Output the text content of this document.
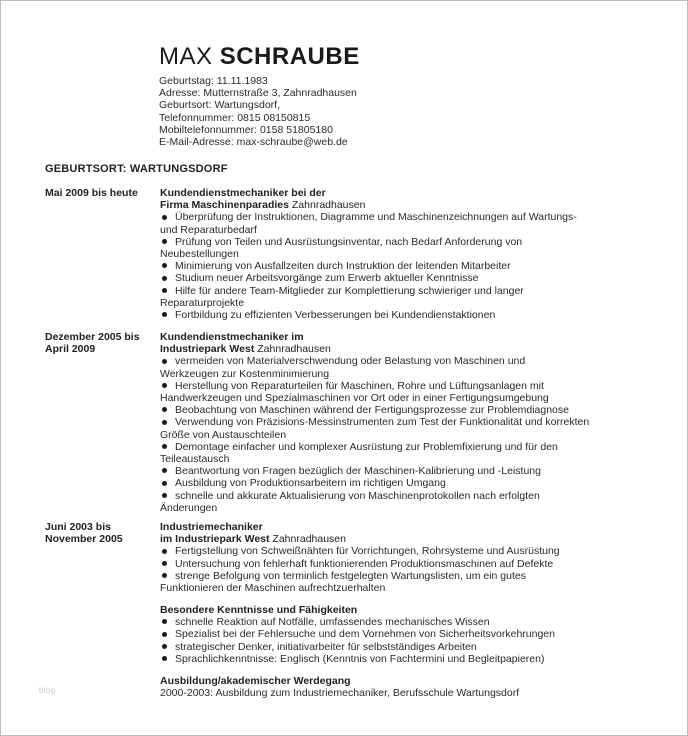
MAX SCHRAUBE
Geburtstag: 11.11.1983
Adresse: Mutternstraße 3, Zahnradhausen
Geburtsort: Wartungsdorf,
Telefonnummer: 0815 08150815
Mobiltelefonnummer: 0158 51805180
E-Mail-Adresse: max-schraube@web.de
GEBURTSORT: WARTUNGSDORF
Mai 2009 bis heute	Kundendienstmechaniker bei der
Firma Maschinenparadies Zahnradhausen
Überprüfung der Instruktionen, Diagramme und Maschinenzeichnungen auf Wartungs-
und Reparaturbedarf
Prüfung von Teilen und Ausrüstungsinventar, nach Bedarf Anforderung von
Neubestellungen
Minimierung von Ausfallzeiten durch Instruktion der leitenden Mitarbeiter
Studium neuer Arbeitsvorgänge zum Erwerb aktueller Kenntnisse
Hilfe für andere Team-Mitglieder zur Komplettierung schwieriger und langer
Reparaturprojekte
Fortbildung zu effizienten Verbesserungen bei Kundendienstaktionen
Dezember 2005 bis
April 2009
Kundendienstmechaniker im
Industriepark West Zahnradhausen
vermeiden von Materialverschwendung oder Belastung von Maschinen und
Werkzeugen zur Kostenminimierung
Herstellung von Reparaturteilen für Maschinen, Rohre und Lüftungsanlagen mit
Handwerkzeugen und Spezialmaschinen vor Ort oder in einer Fertigungsumgebung
Beobachtung von Maschinen während der Fertigungsprozesse zur Problemdiagnose
Verwendung von Präzisions-Messinstrumenten zum Test der Funktionalität und korrekten
Größe von Austauschteilen
Demontage einfacher und komplexer Ausrüstung zur Problemfixierung und für den
Teileaustausch
Beantwortung von Fragen bezüglich der Maschinen-Kalibrierung und -Leistung
Ausbildung von Produktionsarbeitern im richtigen Umgang
schnelle und akkurate Aktualisierung von Maschinenprotokollen nach erfolgten
Änderungen
Juni 2003 bis
November 2005
Industriemechaniker
im Industriepark West Zahnradhausen
Fertigstellung von Schweißnähten für Vorrichtungen, Rohrsysteme und Ausrüstung
Untersuchung von fehlerhaft funktionierenden Produktionsmaschinen auf Defekte
strenge Befolgung von terminlich festgelegten Wartungslisten, um ein gutes
Funktionieren der Maschinen aufrechtzuerhalten
Besondere Kenntnisse und Fähigkeiten
schnelle Reaktion auf Notfälle, umfassendes mechanisches Wissen
Spezialist bei der Fehlersuche und dem Vornehmen von Sicherheitsvorkehrungen
strategischer Denker, initiativarbeiter für selbstständiges Arbeiten
Sprachlichkenntnisse: Englisch (Kenntnis von Fachtermini und Begleitpapieren)
Ausbildung/akademischer Werdegang
2000-2003: Ausbildung zum Industriemechaniker, Berufsschule Wartungsdorf
blog
